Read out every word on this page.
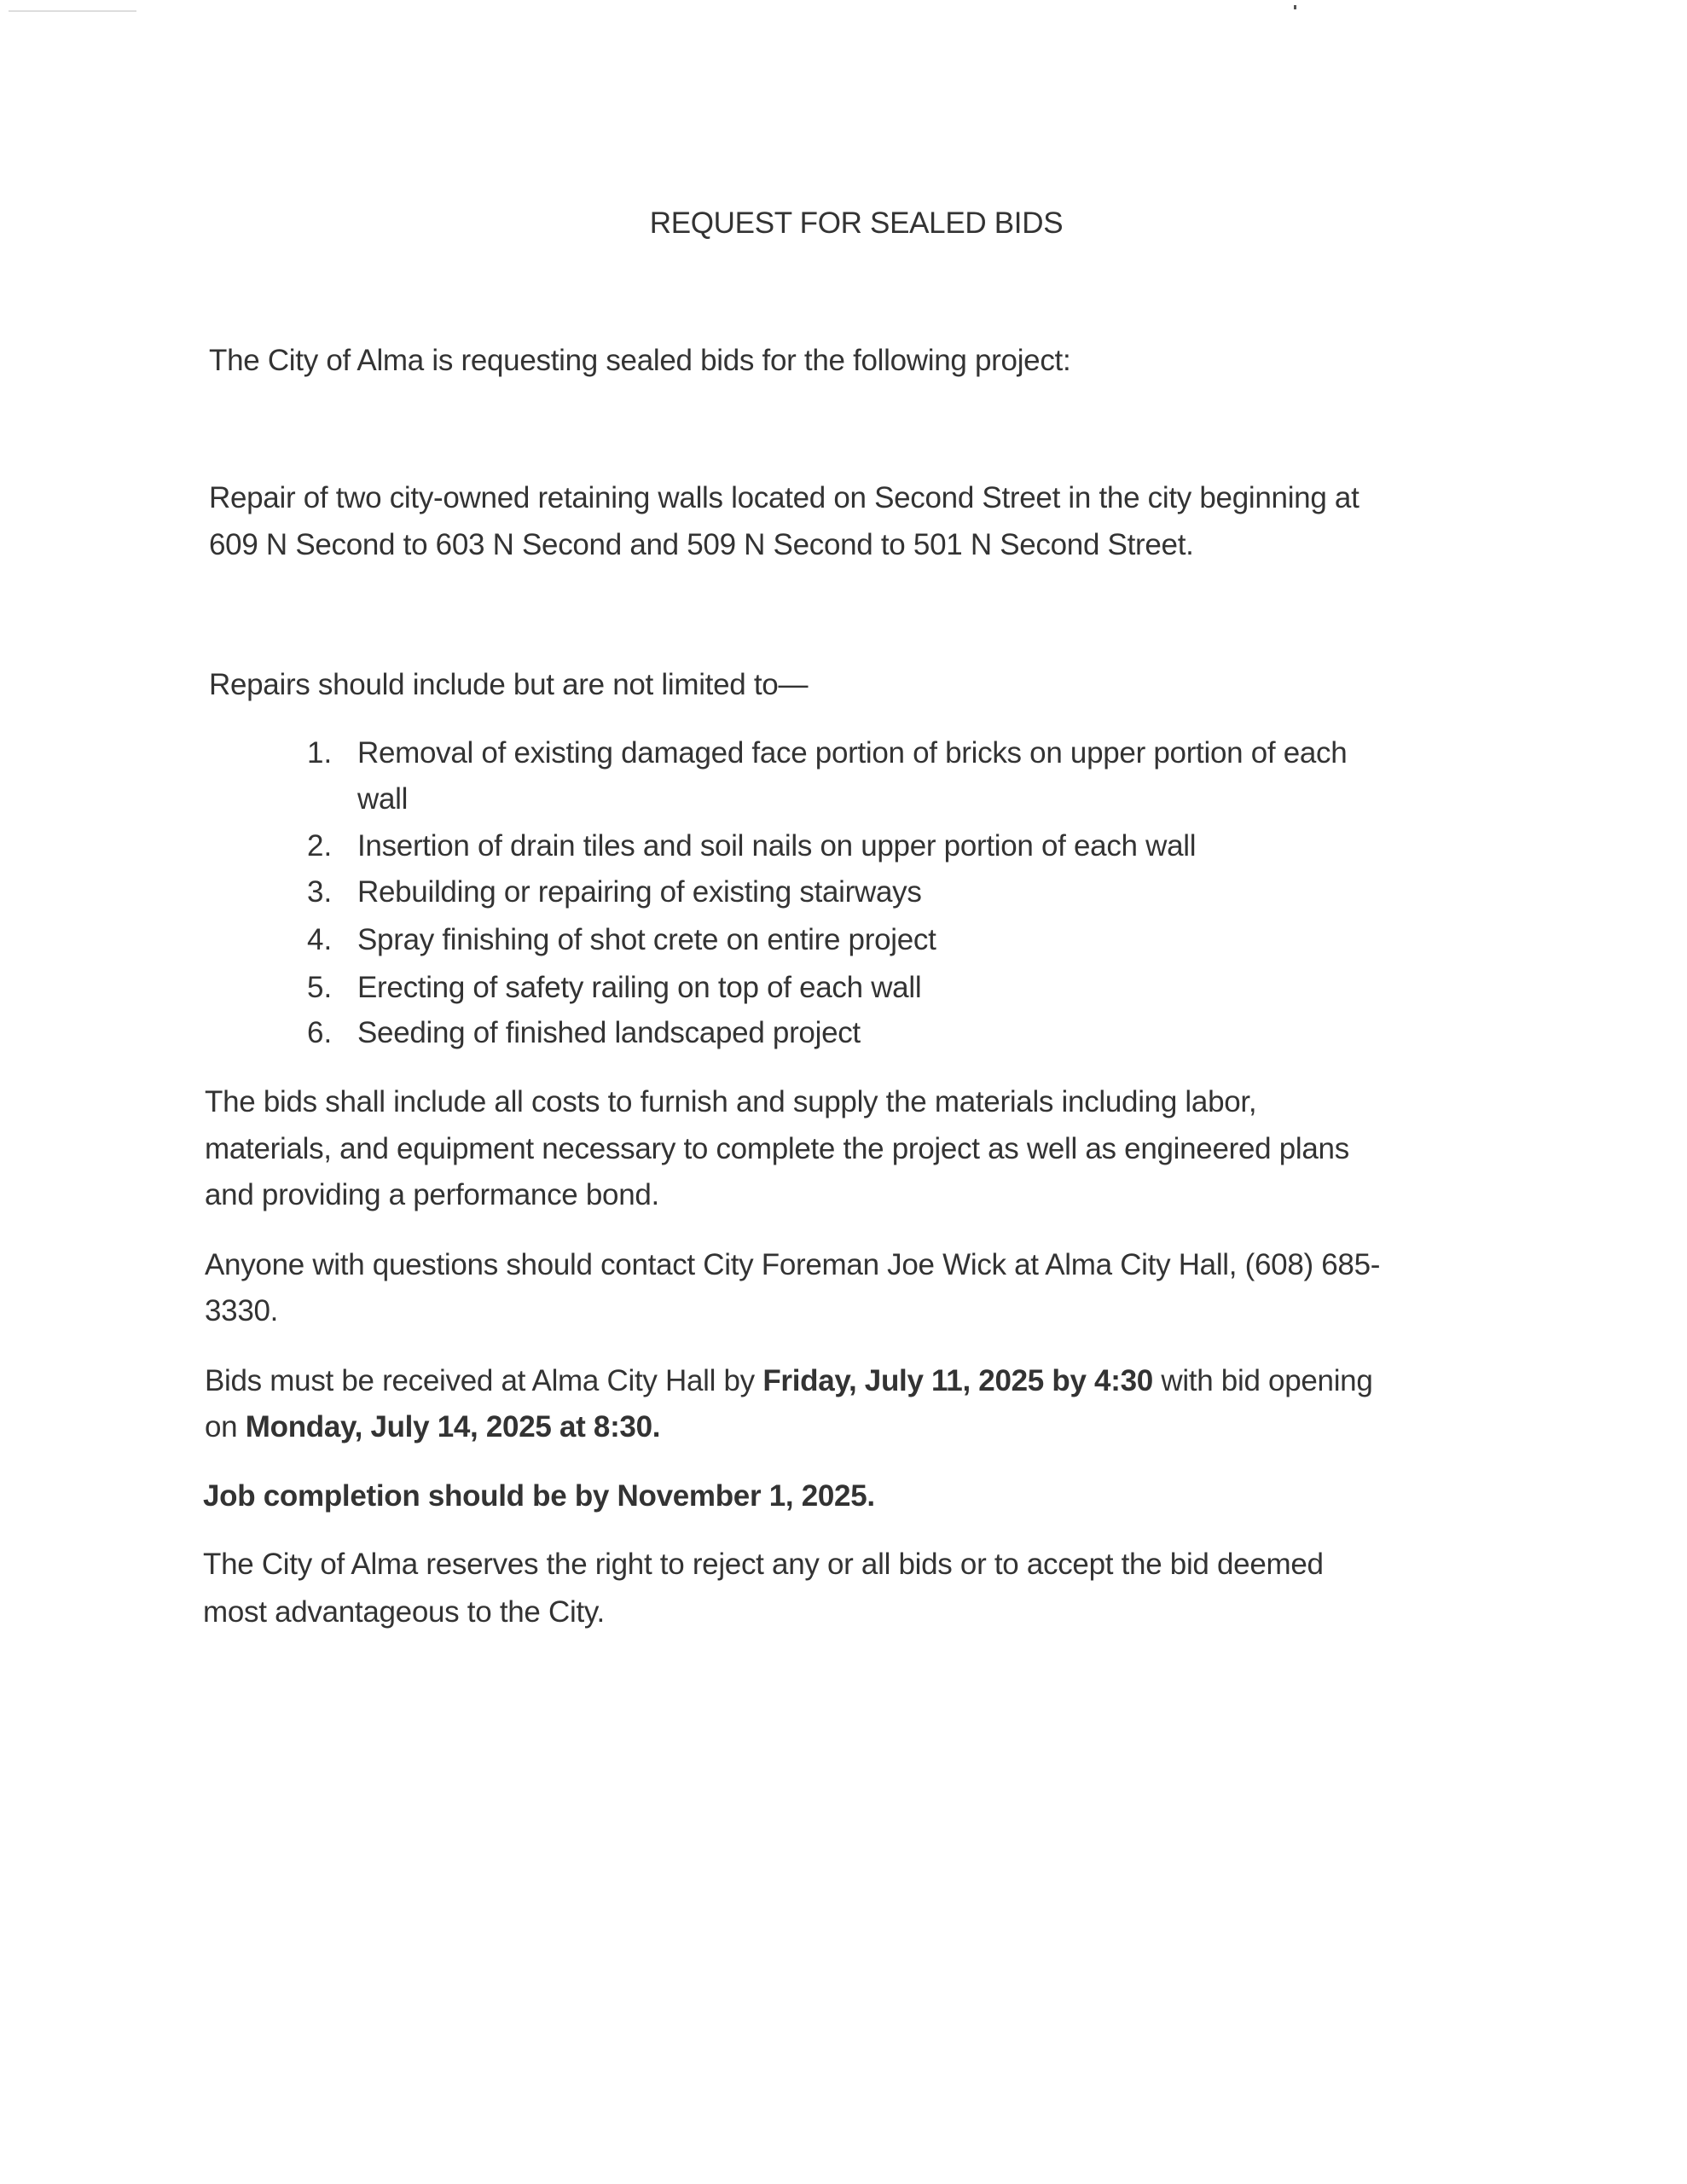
REQUEST FOR SEALED BIDS
The City of Alma is requesting sealed bids for the following project:
Repair of two city-owned retaining walls located on Second Street in the city beginning at
609 N Second to 603 N Second and 509 N Second to 501 N Second Street.
Repairs should include but are not limited to—
1. Removal of existing damaged face portion of bricks on upper portion of each
wall
2. Insertion of drain tiles and soil nails on upper portion of each wall
3. Rebuilding or repairing of existing stairways
4. Spray finishing of shot crete on entire project
5. Erecting of safety railing on top of each wall
6. Seeding of finished landscaped project
The bids shall include all costs to furnish and supply the materials including labor,
materials, and equipment necessary to complete the project as well as engineered plans
and providing a performance bond.
Anyone with questions should contact City Foreman Joe Wick at Alma City Hall, (608) 685-
3330.
Bids must be received at Alma City Hall by Friday, July 11, 2025 by 4:30 with bid opening
on Monday, July 14, 2025 at 8:30.
Job completion should be by November 1, 2025.
The City of Alma reserves the right to reject any or all bids or to accept the bid deemed
most advantageous to the City.
